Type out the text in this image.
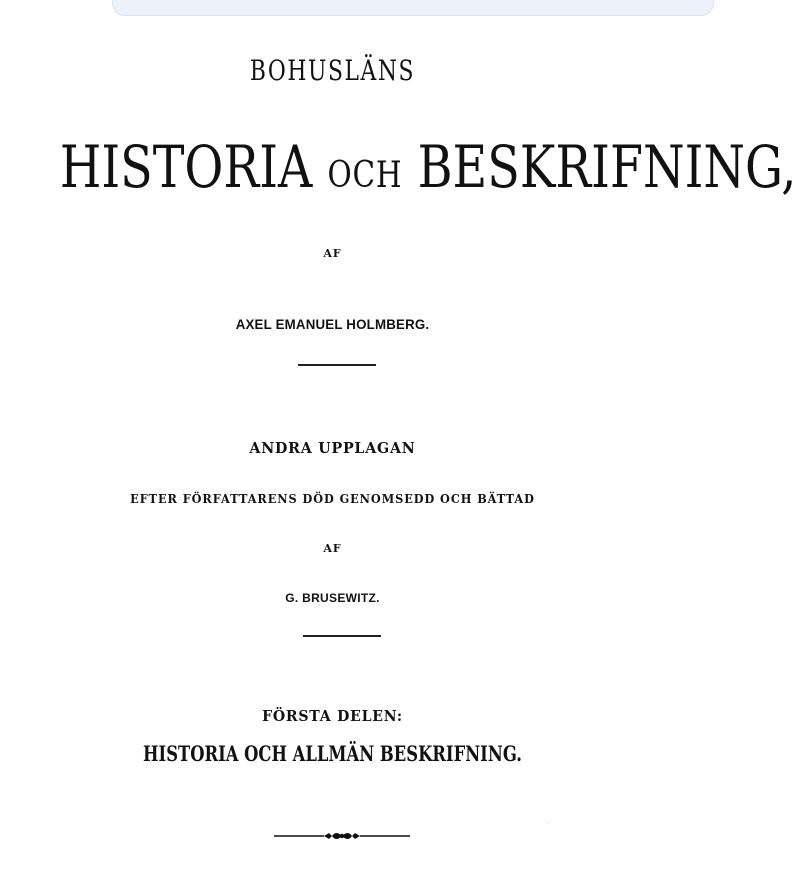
BOHUSLÄNS
HISTORIA OCH BESKRIFNING,
AF
AXEL EMANUEL HOLMBERG.
ANDRA UPPLAGAN
EFTER FÖRFATTARENS DÖD GENOMSEDD OCH BÄTTAD
AF
G. BRUSEWITZ.
FÖRSTA DELEN:
HISTORIA OCH ALLMÄN BESKRIFNING.
